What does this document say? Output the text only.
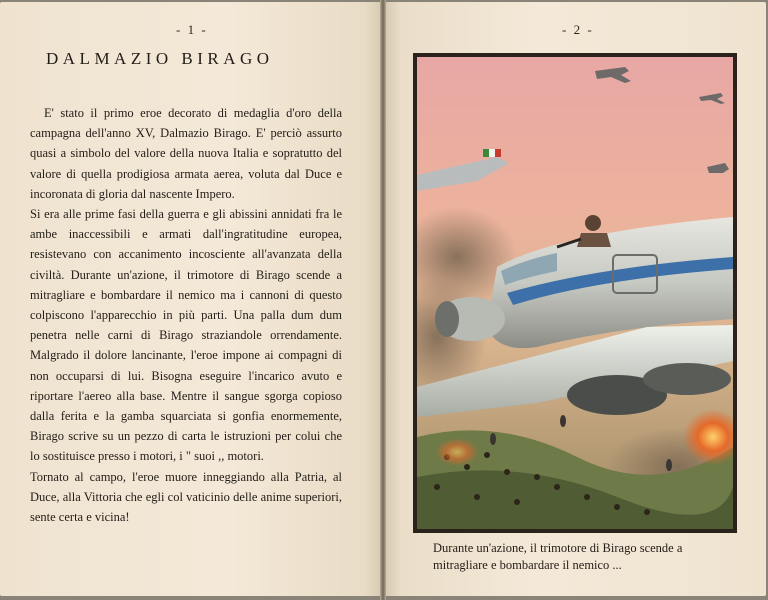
- 1 -
DALMAZIO BIRAGO

E' stato il primo eroe decorato di medaglia d'oro della campagna dell'anno XV, Dalmazio Birago. E' perciò assurto quasi a simbolo del valore della nuova Italia e sopratutto del valore di quella prodigiosa armata aerea, voluta dal Duce e incoronata di gloria dal nascente Impero.

Si era alle prime fasi della guerra e gli abissini annidati fra le ambe inaccessibili e armati dall'ingratitudine europea, resistevano con accanimento incosciente all'avanzata della civiltà. Durante un'azione, il trimotore di Birago scende a mitragliare e bombardare il nemico ma i cannoni di questo colpiscono l'apparecchio in più parti. Una palla dum dum penetra nelle carni di Birago straziandole orrendamente. Malgrado il dolore lancinante, l'eroe impone ai compagni di non occuparsi di lui. Bisogna eseguire l'incarico avuto e riportare l'aereo alla base. Mentre il sangue sgorga copioso dalla ferita e la gamba squarciata si gonfia enormemente, Birago scrive su un pezzo di carta le istruzioni per colui che lo sostituisce presso i motori, i " suoi ,, motori.

Tornato al campo, l'eroe muore inneggiando alla Patria, al Duce, alla Vittoria che egli col vaticinio delle anime superiori, sente certa e vicina!

- 2 -
Durante un'azione, il trimotore di Birago scende a mitragliare e bombardare il nemico ...
